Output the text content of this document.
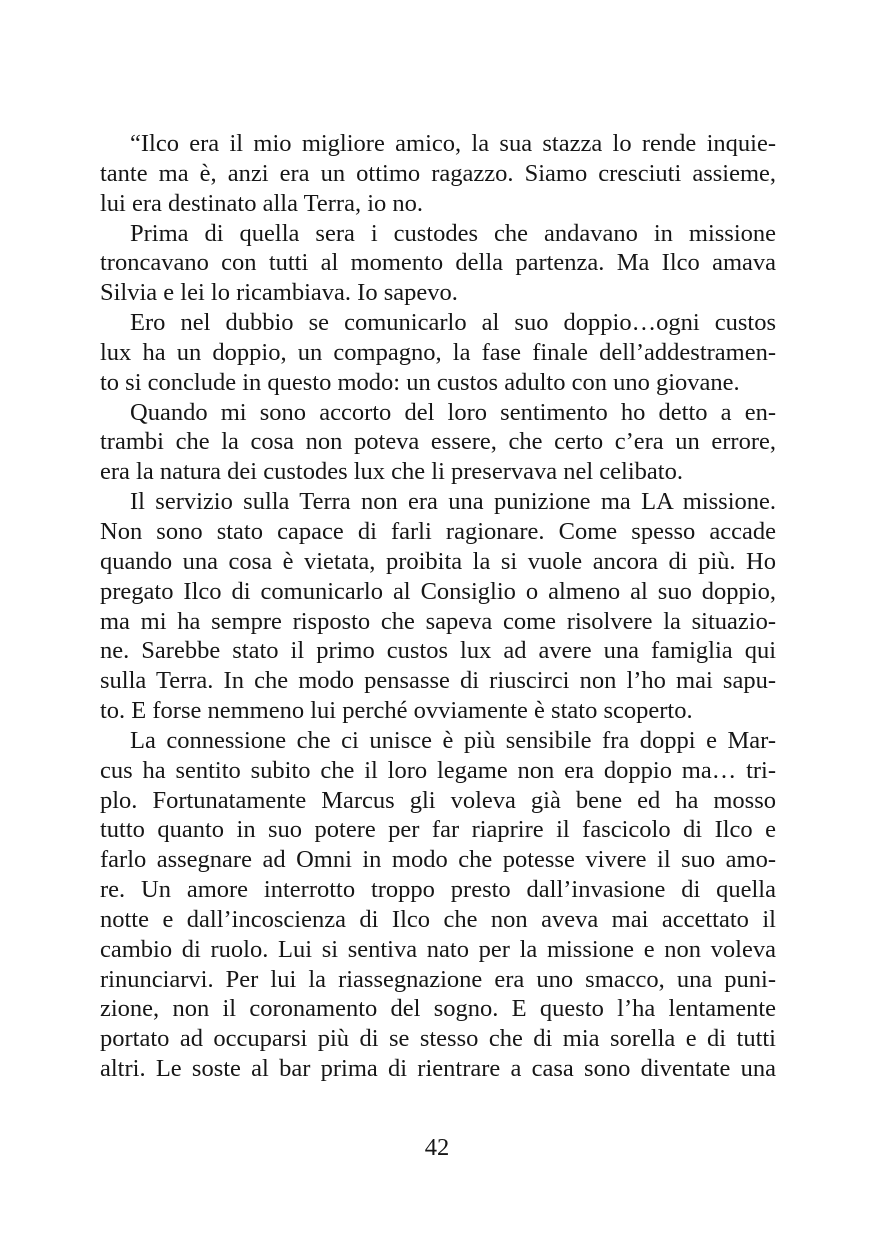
“Ilco era il mio migliore amico, la sua stazza lo rende inquie-
tante ma è, anzi era un ottimo ragazzo. Siamo cresciuti assieme,
lui era destinato alla Terra, io no.
Prima di quella sera i custodes che andavano in missione
troncavano con tutti al momento della partenza. Ma Ilco amava
Silvia e lei lo ricambiava. Io sapevo.
Ero nel dubbio se comunicarlo al suo doppio…ogni custos
lux ha un doppio, un compagno, la fase finale dell’addestramen-
to si conclude in questo modo: un custos adulto con uno giovane.
Quando mi sono accorto del loro sentimento ho detto a en-
trambi che la cosa non poteva essere, che certo c’era un errore,
era la natura dei custodes lux che li preservava nel celibato.
Il servizio sulla Terra non era una punizione ma LA missione.
Non sono stato capace di farli ragionare. Come spesso accade
quando una cosa è vietata, proibita la si vuole ancora di più. Ho
pregato Ilco di comunicarlo al Consiglio o almeno al suo doppio,
ma mi ha sempre risposto che sapeva come risolvere la situazio-
ne. Sarebbe stato il primo custos lux ad avere una famiglia qui
sulla Terra. In che modo pensasse di riuscirci non l’ho mai sapu-
to. E forse nemmeno lui perché ovviamente è stato scoperto.
La connessione che ci unisce è più sensibile fra doppi e Mar-
cus ha sentito subito che il loro legame non era doppio ma… tri-
plo. Fortunatamente Marcus gli voleva già bene ed ha mosso
tutto quanto in suo potere per far riaprire il fascicolo di Ilco e
farlo assegnare ad Omni in modo che potesse vivere il suo amo-
re. Un amore interrotto troppo presto dall’invasione di quella
notte e dall’incoscienza di Ilco che non aveva mai accettato il
cambio di ruolo. Lui si sentiva nato per la missione e non voleva
rinunciarvi. Per lui la riassegnazione era uno smacco, una puni-
zione, non il coronamento del sogno. E questo l’ha lentamente
portato ad occuparsi più di se stesso che di mia sorella e di tutti
altri. Le soste al bar prima di rientrare a casa sono diventate una
42
